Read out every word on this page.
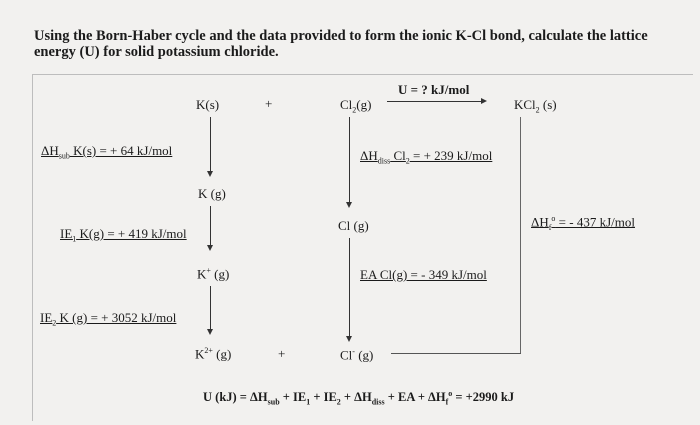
Using the Born-Haber cycle and the data provided to form the ionic K-Cl bond, calculate the lattice energy (U) for solid potassium chloride.
U = ? kJ/mol
K(s)	+	$Cl_2(g)$	KCl$_2$ (s)
$\Delta H_{sub}$ K(s) = + 64 kJ/mol
K (g)
$IE_1$ K(g) = + 419 kJ/mol
K+ (g)
$IE_2$ K (g) = + 3052 kJ/mol
$K^{2+}$ (g)	+
$\Delta H_{diss}$ $Cl_2$ = + 239 kJ/mol
Cl (g)
EA Cl(g) = - 349 kJ/mol
Cl- (g)
$\Delta H_f^o$ = - 437 kJ/mol
U $(kJ) = \Delta H_{sub} + IE_1 + IE_2 + \Delta H_{diss}$ + EA + $\Delta H_f^o = +2990$ kJ
